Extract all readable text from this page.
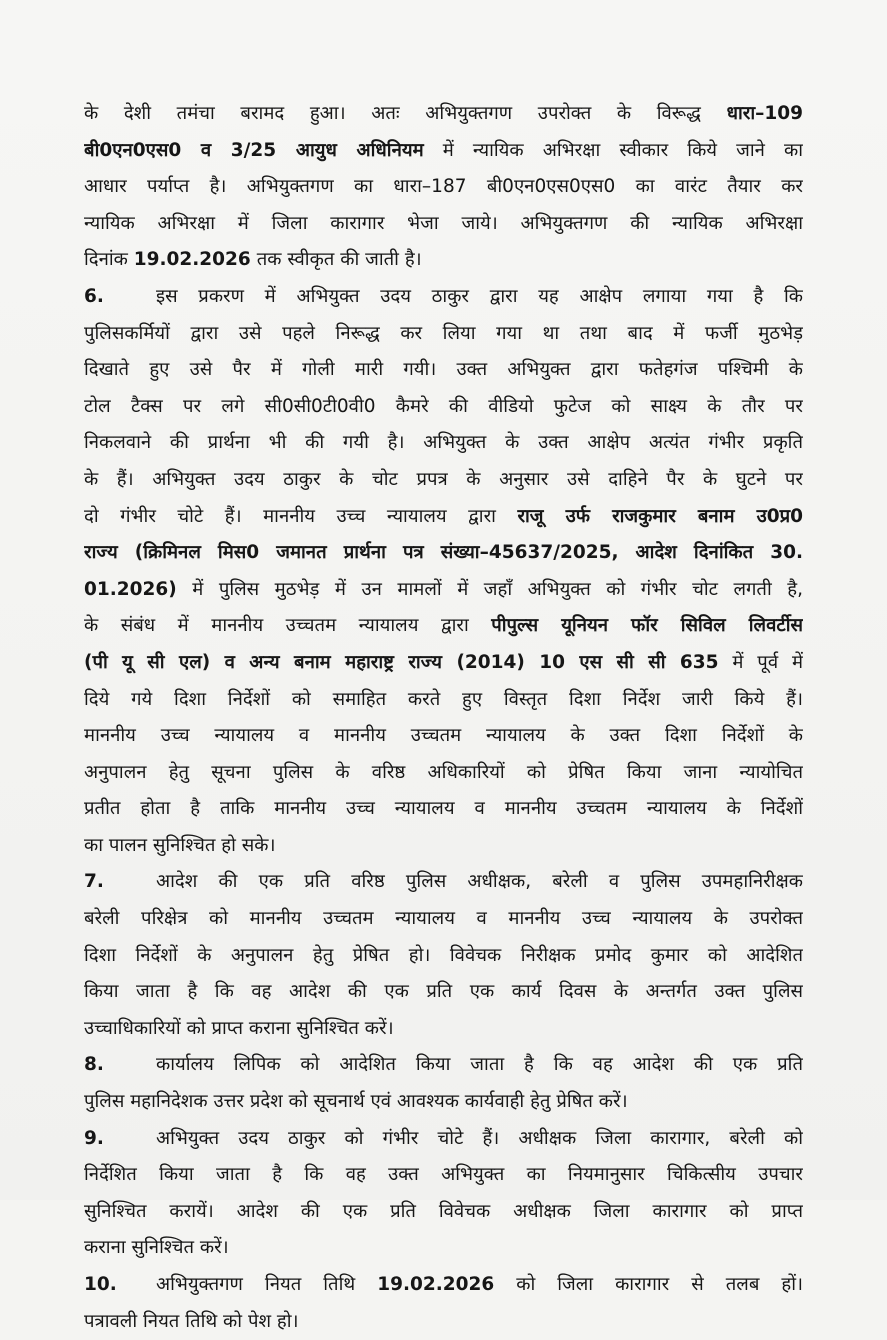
के देशी तमंचा बरामद हुआ। अतः अभियुक्तगण उपरोक्त के विरूद्ध धारा–109
बी0एन0एस0 व 3/25 आयुध अधिनियम में न्यायिक अभिरक्षा स्वीकार किये जाने का
आधार पर्याप्त है। अभियुक्तगण का धारा–187 बी0एन0एस0एस0 का वारंट तैयार कर
न्यायिक अभिरक्षा में जिला कारागार भेजा जाये। अभियुक्तगण की न्यायिक अभिरक्षा
दिनांक 19.02.2026 तक स्वीकृत की जाती है।
6.	इस प्रकरण में अभियुक्त उदय ठाकुर द्वारा यह आक्षेप लगाया गया है कि
पुलिसकर्मियों द्वारा उसे पहले निरूद्ध कर लिया गया था तथा बाद में फर्जी मुठभेड़
दिखाते हुए उसे पैर में गोली मारी गयी। उक्त अभियुक्त द्वारा फतेहगंज पश्चिमी के
टोल टैक्स पर लगे सी0सी0टी0वी0 कैमरे की वीडियो फुटेज को साक्ष्य के तौर पर
निकलवाने की प्रार्थना भी की गयी है। अभियुक्त के उक्त आक्षेप अत्यंत गंभीर प्रकृति
के हैं। अभियुक्त उदय ठाकुर के चोट प्रपत्र के अनुसार उसे दाहिने पैर के घुटने पर
दो गंभीर चोटे हैं। माननीय उच्च न्यायालय द्वारा राजू उर्फ राजकुमार बनाम उ0प्र0
राज्य (क्रिमिनल मिस0 जमानत प्रार्थना पत्र संख्या–45637/2025, आदेश दिनांकित 30.
01.2026) में पुलिस मुठभेड़ में उन मामलों में जहाँ अभियुक्त को गंभीर चोट लगती है,
के संबंध में माननीय उच्चतम न्यायालय द्वारा पीपुल्स यूनियन फॉर सिविल लिवर्टीस
(पी यू सी एल) व अन्य बनाम महाराष्ट्र राज्य (2014) 10 एस सी सी 635 में पूर्व में
दिये गये दिशा निर्देशों को समाहित करते हुए विस्तृत दिशा निर्देश जारी किये हैं।
माननीय उच्च न्यायालय व माननीय उच्चतम न्यायालय के उक्त दिशा निर्देशों के
अनुपालन हेतु सूचना पुलिस के वरिष्ठ अधिकारियों को प्रेषित किया जाना न्यायोचित
प्रतीत होता है ताकि माननीय उच्च न्यायालय व माननीय उच्चतम न्यायालय के निर्देशों
का पालन सुनिश्चित हो सके।
7.	आदेश की एक प्रति वरिष्ठ पुलिस अधीक्षक, बरेली व पुलिस उपमहानिरीक्षक
बरेली परिक्षेत्र को माननीय उच्चतम न्यायालय व माननीय उच्च न्यायालय के उपरोक्त
दिशा निर्देशों के अनुपालन हेतु प्रेषित हो। विवेचक निरीक्षक प्रमोद कुमार को आदेशित
किया जाता है कि वह आदेश की एक प्रति एक कार्य दिवस के अन्तर्गत उक्त पुलिस
उच्चाधिकारियों को प्राप्त कराना सुनिश्चित करें।
8.	कार्यालय लिपिक को आदेशित किया जाता है कि वह आदेश की एक प्रति
पुलिस महानिदेशक उत्तर प्रदेश को सूचनार्थ एवं आवश्यक कार्यवाही हेतु प्रेषित करें।
9.	अभियुक्त उदय ठाकुर को गंभीर चोटे हैं। अधीक्षक जिला कारागार, बरेली को
निर्देशित किया जाता है कि वह उक्त अभियुक्त का नियमानुसार चिकित्सीय उपचार
सुनिश्चित करायें। आदेश की एक प्रति विवेचक अधीक्षक जिला कारागार को प्राप्त
कराना सुनिश्चित करें।
10. अभियुक्तगण नियत तिथि 19.02.2026 को जिला कारागार से तलब हों।
पत्रावली नियत तिथि को पेश हो।
